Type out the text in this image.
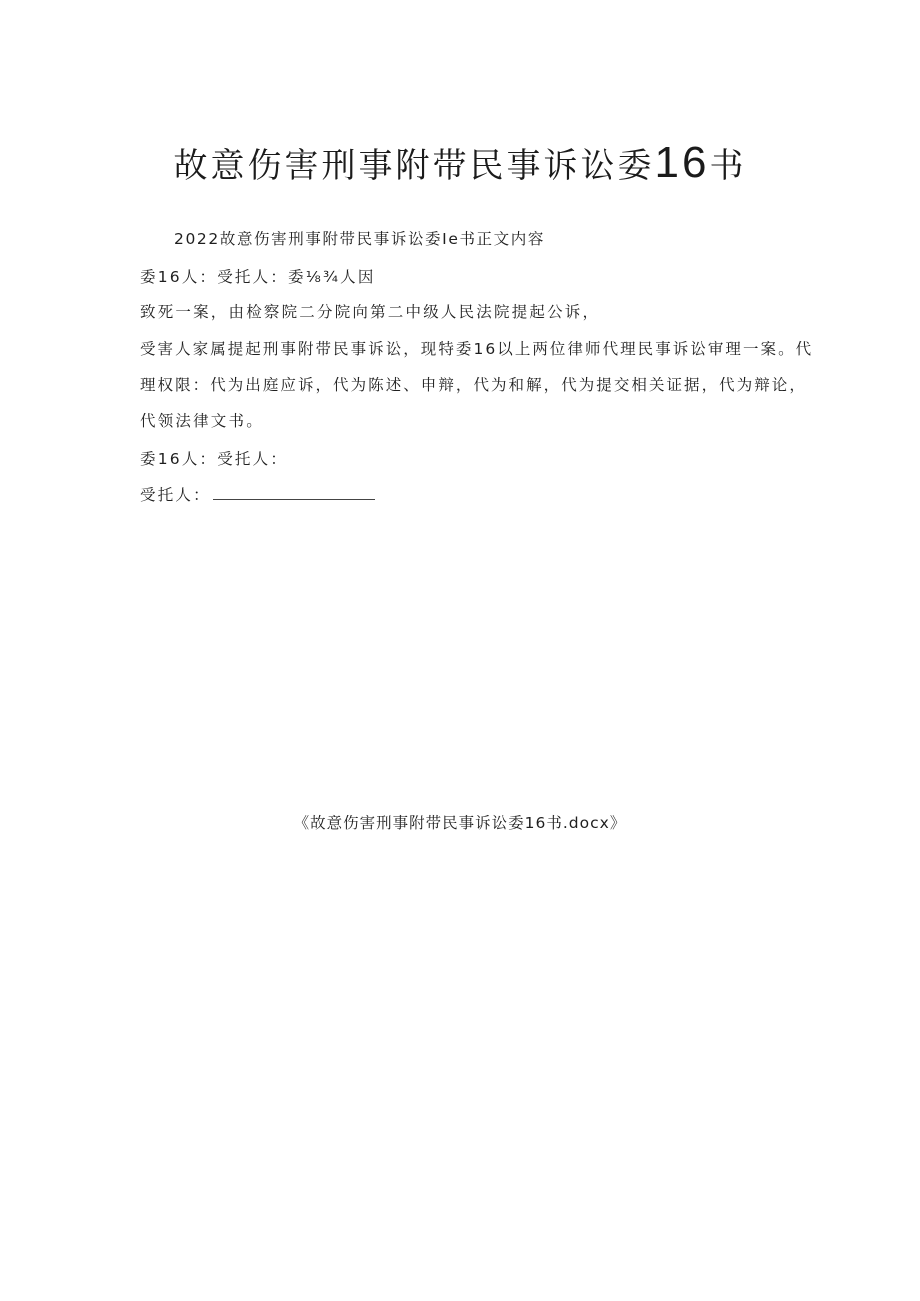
故意伤害刑事附带民事诉讼委16书
2022故意伤害刑事附带民事诉讼委Ie书正文内容
委16人：受托人：委⅛¾人因
致死一案，由检察院二分院向第二中级人民法院提起公诉，
受害人家属提起刑事附带民事诉讼，现特委16以上两位律师代理民事诉讼审理一案。代
理权限：代为出庭应诉，代为陈述、申辩，代为和解，代为提交相关证据，代为辩论，
代领法律文书。
委16人：受托人：
受托人：
《故意伤害刑事附带民事诉讼委16书.docx》
